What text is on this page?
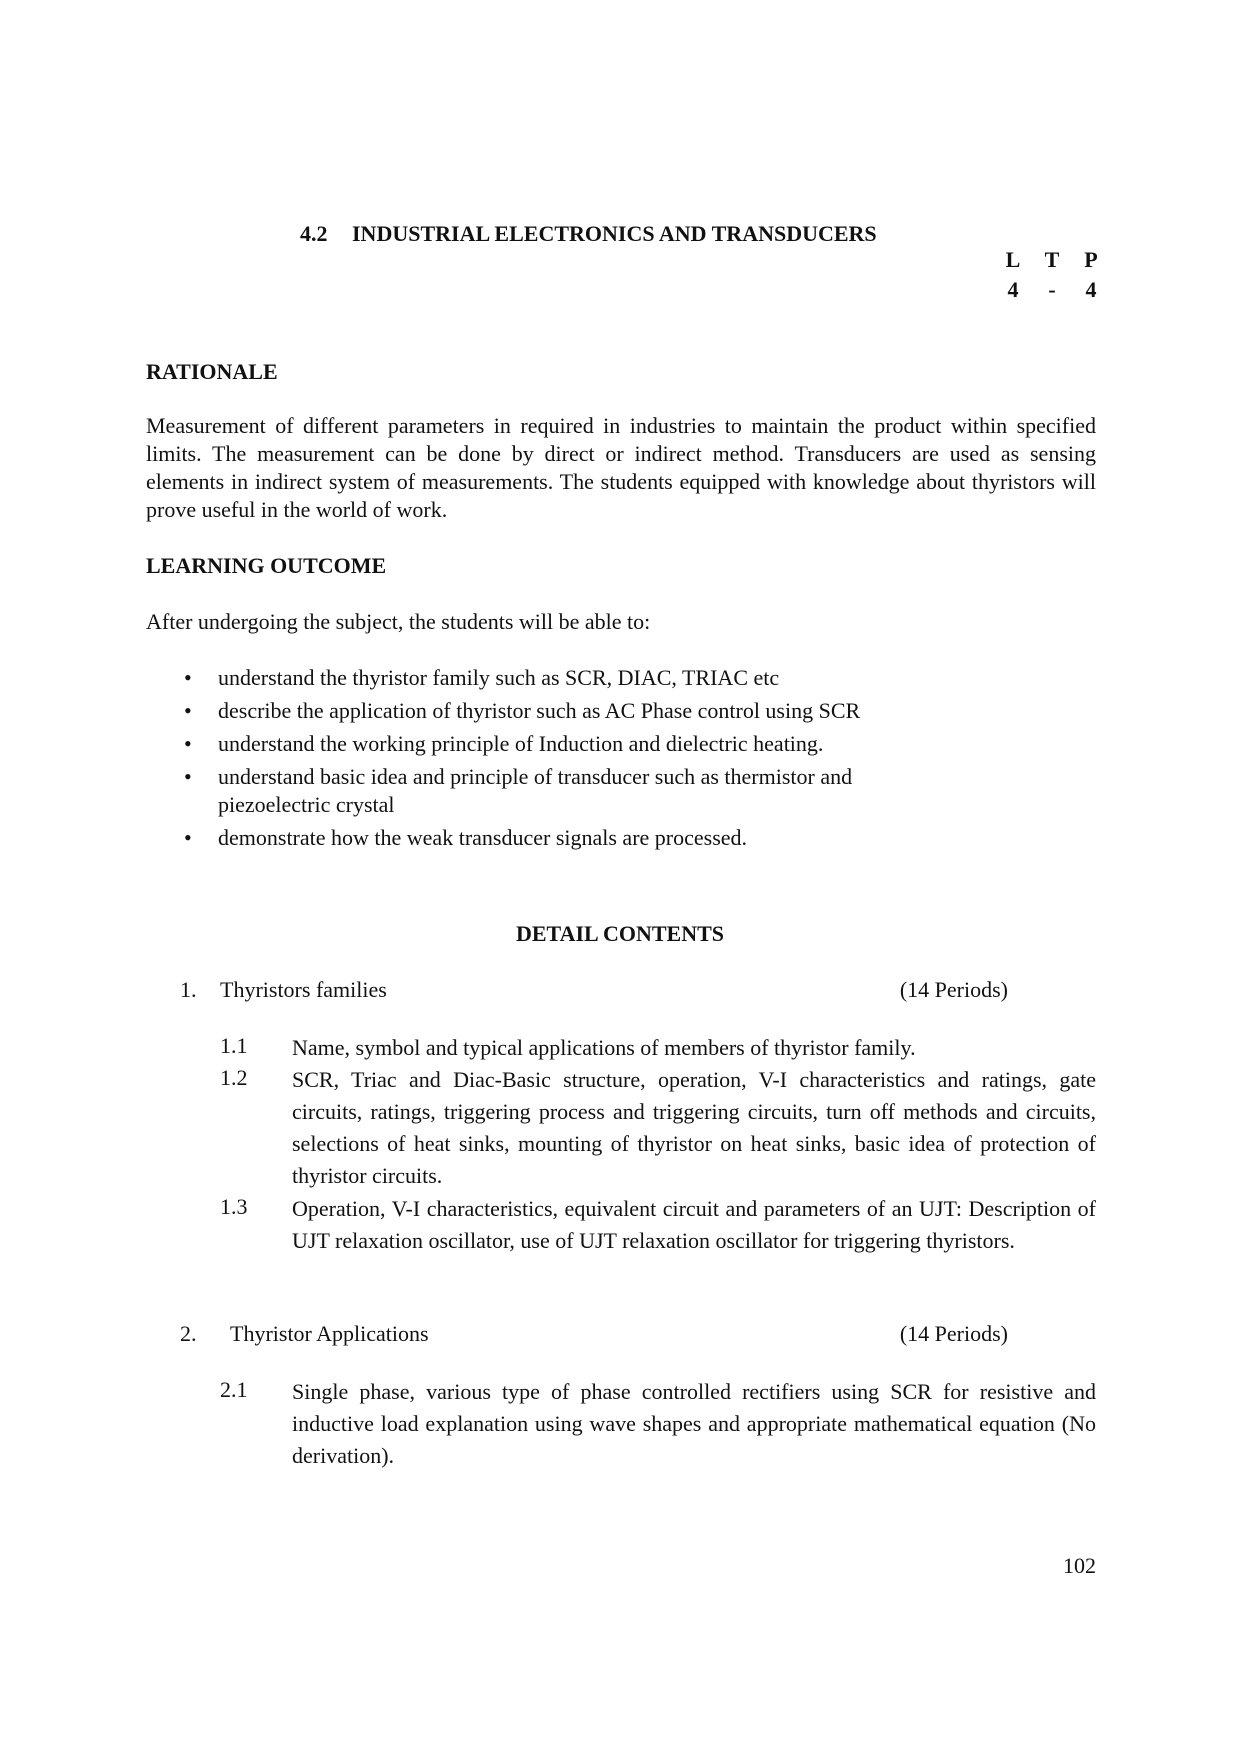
4.2 INDUSTRIAL ELECTRONICS AND TRANSDUCERS
L T P
4 - 4
RATIONALE
Measurement of different parameters in required in industries to maintain the product within specified limits. The measurement can be done by direct or indirect method. Transducers are used as sensing elements in indirect system of measurements. The students equipped with knowledge about thyristors will prove useful in the world of work.
LEARNING OUTCOME
After undergoing the subject, the students will be able to:
• understand the thyristor family such as SCR, DIAC, TRIAC etc
• describe the application of thyristor such as AC Phase control using SCR
• understand the working principle of Induction and dielectric heating.
• understand basic idea and principle of transducer such as thermistor and piezoelectric crystal
• demonstrate how the weak transducer signals are processed.
DETAIL CONTENTS
1. Thyristors families	(14 Periods)
1.1	Name, symbol and typical applications of members of thyristor family.
1.2	SCR, Triac and Diac-Basic structure, operation, V-I characteristics and ratings, gate circuits, ratings, triggering process and triggering circuits, turn off methods and circuits, selections of heat sinks, mounting of thyristor on heat sinks, basic idea of protection of thyristor circuits.
1.3	Operation, V-I characteristics, equivalent circuit and parameters of an UJT: Description of UJT relaxation oscillator, use of UJT relaxation oscillator for triggering thyristors.
2. Thyristor Applications	(14 Periods)
2.1	Single phase, various type of phase controlled rectifiers using SCR for resistive and inductive load explanation using wave shapes and appropriate mathematical equation (No derivation).
102
